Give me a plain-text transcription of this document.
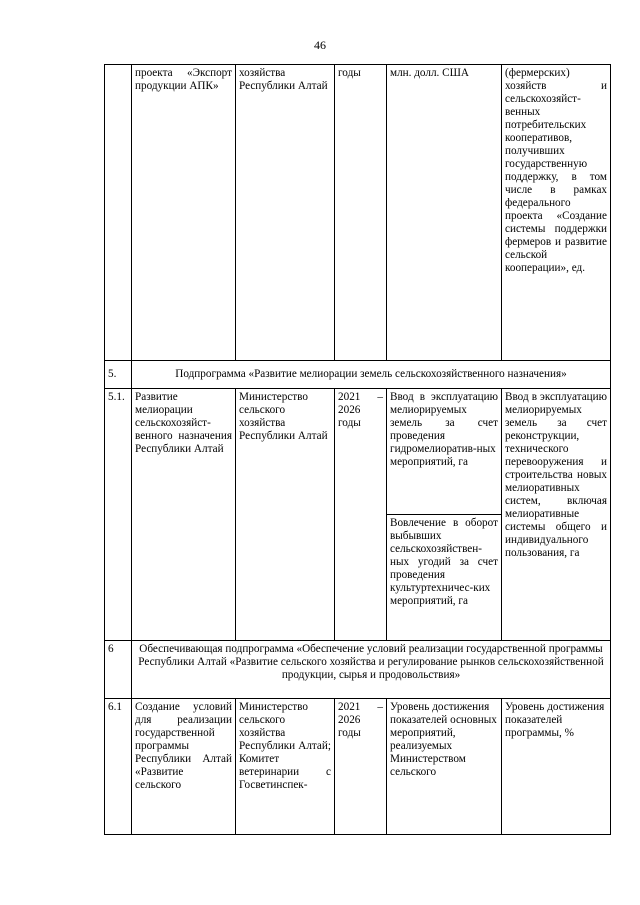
46
	проекта «Экспорт продукции АПК»	хозяйства Республики Алтай	годы	млн. долл. США	(фермерских) хозяйств и сельскохозяйст-венных потребительских кооперативов, получивших государственную поддержку, в том числе в рамках федерального проекта «Создание системы поддержки фермеров и развитие сельской кооперации», ед.
5.	Подпрограмма «Развитие мелиорации земель сельскохозяйственного назначения»				
5.1.	Развитие мелиорации сельскохозяйст-венного назначения Республики Алтай	Министерство сельского хозяйства Республики Алтай	2021 – 2026 годы	Ввод в эксплуатацию мелиорируемых земель за счет проведения гидромелиоратив-ных мероприятий, га	Ввод в эксплуатацию мелиорируемых земель за счет реконструкции, технического перевооружения и строительства новых мелиоративных систем, включая мелиоративные системы общего и индивидуального пользования, га
				Вовлечение в оборот выбывших сельскохозяйствен-ных угодий за счет проведения культуртехничес-ких мероприятий, га	
6	Обеспечивающая подпрограмма «Обеспечение условий реализации государственной программы Республики Алтай «Развитие сельского хозяйства и регулирование рынков сельскохозяйственной продукции, сырья и продовольствия»				
6.1	Создание условий для реализации государственной программы Республики Алтай «Развитие сельского	Министерство сельского хозяйства Республики Алтай; Комитет ветеринарии с Госветинспек-	2021 – 2026 годы	Уровень достижения показателей основных мероприятий, реализуемых Министерством сельского	Уровень достижения показателей программы, %
